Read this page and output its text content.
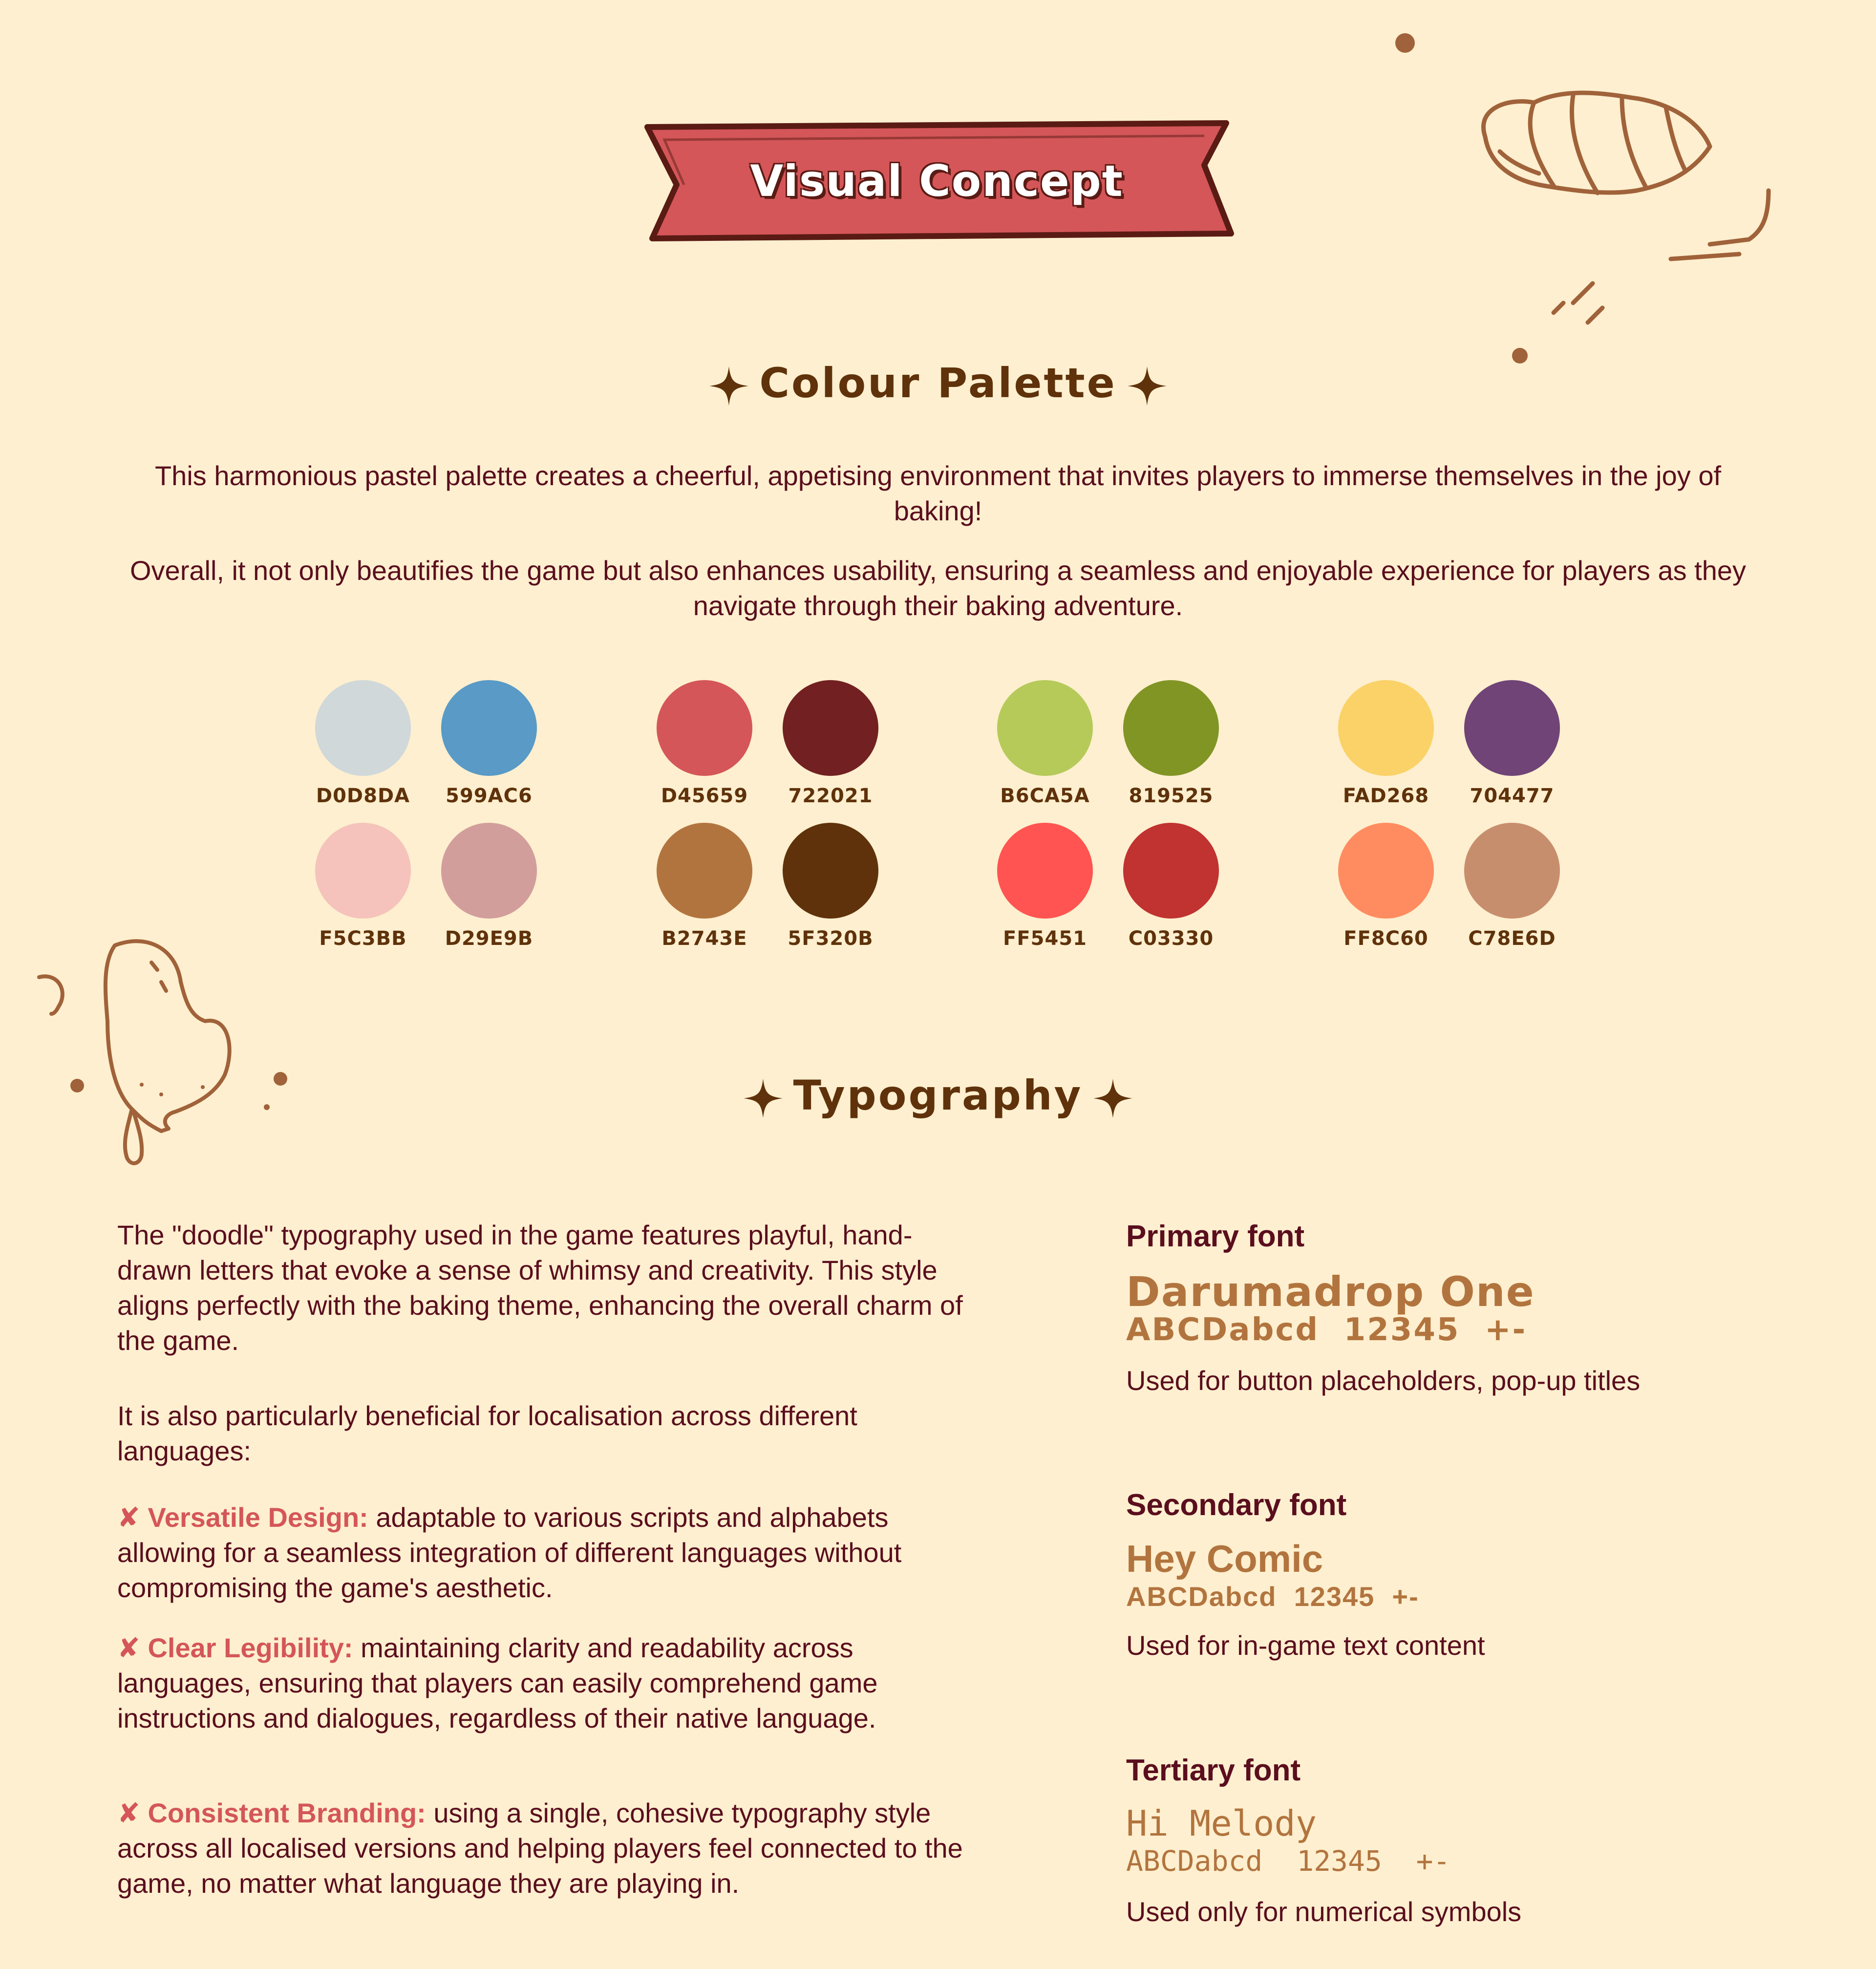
Visual Concept
Colour Palette
This harmonious pastel palette creates a cheerful, appetising environment that invites players to immerse themselves in the joy of baking!
Overall, it not only beautifies the game but also enhances usability, ensuring a seamless and enjoyable experience for players as they navigate through their baking adventure.
D0D8DA 599AC6
F5C3BB D29E9B
D45659	722021
B2743E	5F320B
B6CA5A	819525
FF5451	C03330
FAD268	704477
FF8C60	C78E6D
Typography
The "doodle" typography used in the game features playful, hand-drawn letters that evoke a sense of whimsy and creativity. This style aligns perfectly with the baking theme, enhancing the overall charm of the game.
It is also particularly beneficial for localisation across different languages:
✘ Versatile Design: adaptable to various scripts and alphabets allowing for a seamless integration of different languages without compromising the game's aesthetic.
✘ Clear Legibility: maintaining clarity and readability across languages, ensuring that players can easily comprehend game instructions and dialogues, regardless of their native language.
✘ Consistent Branding: using a single, cohesive typography style across all localised versions and helping players feel connected to the game, no matter what language they are playing in.
Primary font
Darumadrop One
ABCDabcd  12345  +-
Used for button placeholders, pop-up titles
Secondary font
Hey Comic
ABCDabcd  12345  +-
Used for in-game text content
Tertiary font
Hi Melody
ABCDabcd  12345  +-
Used only for numerical symbols
